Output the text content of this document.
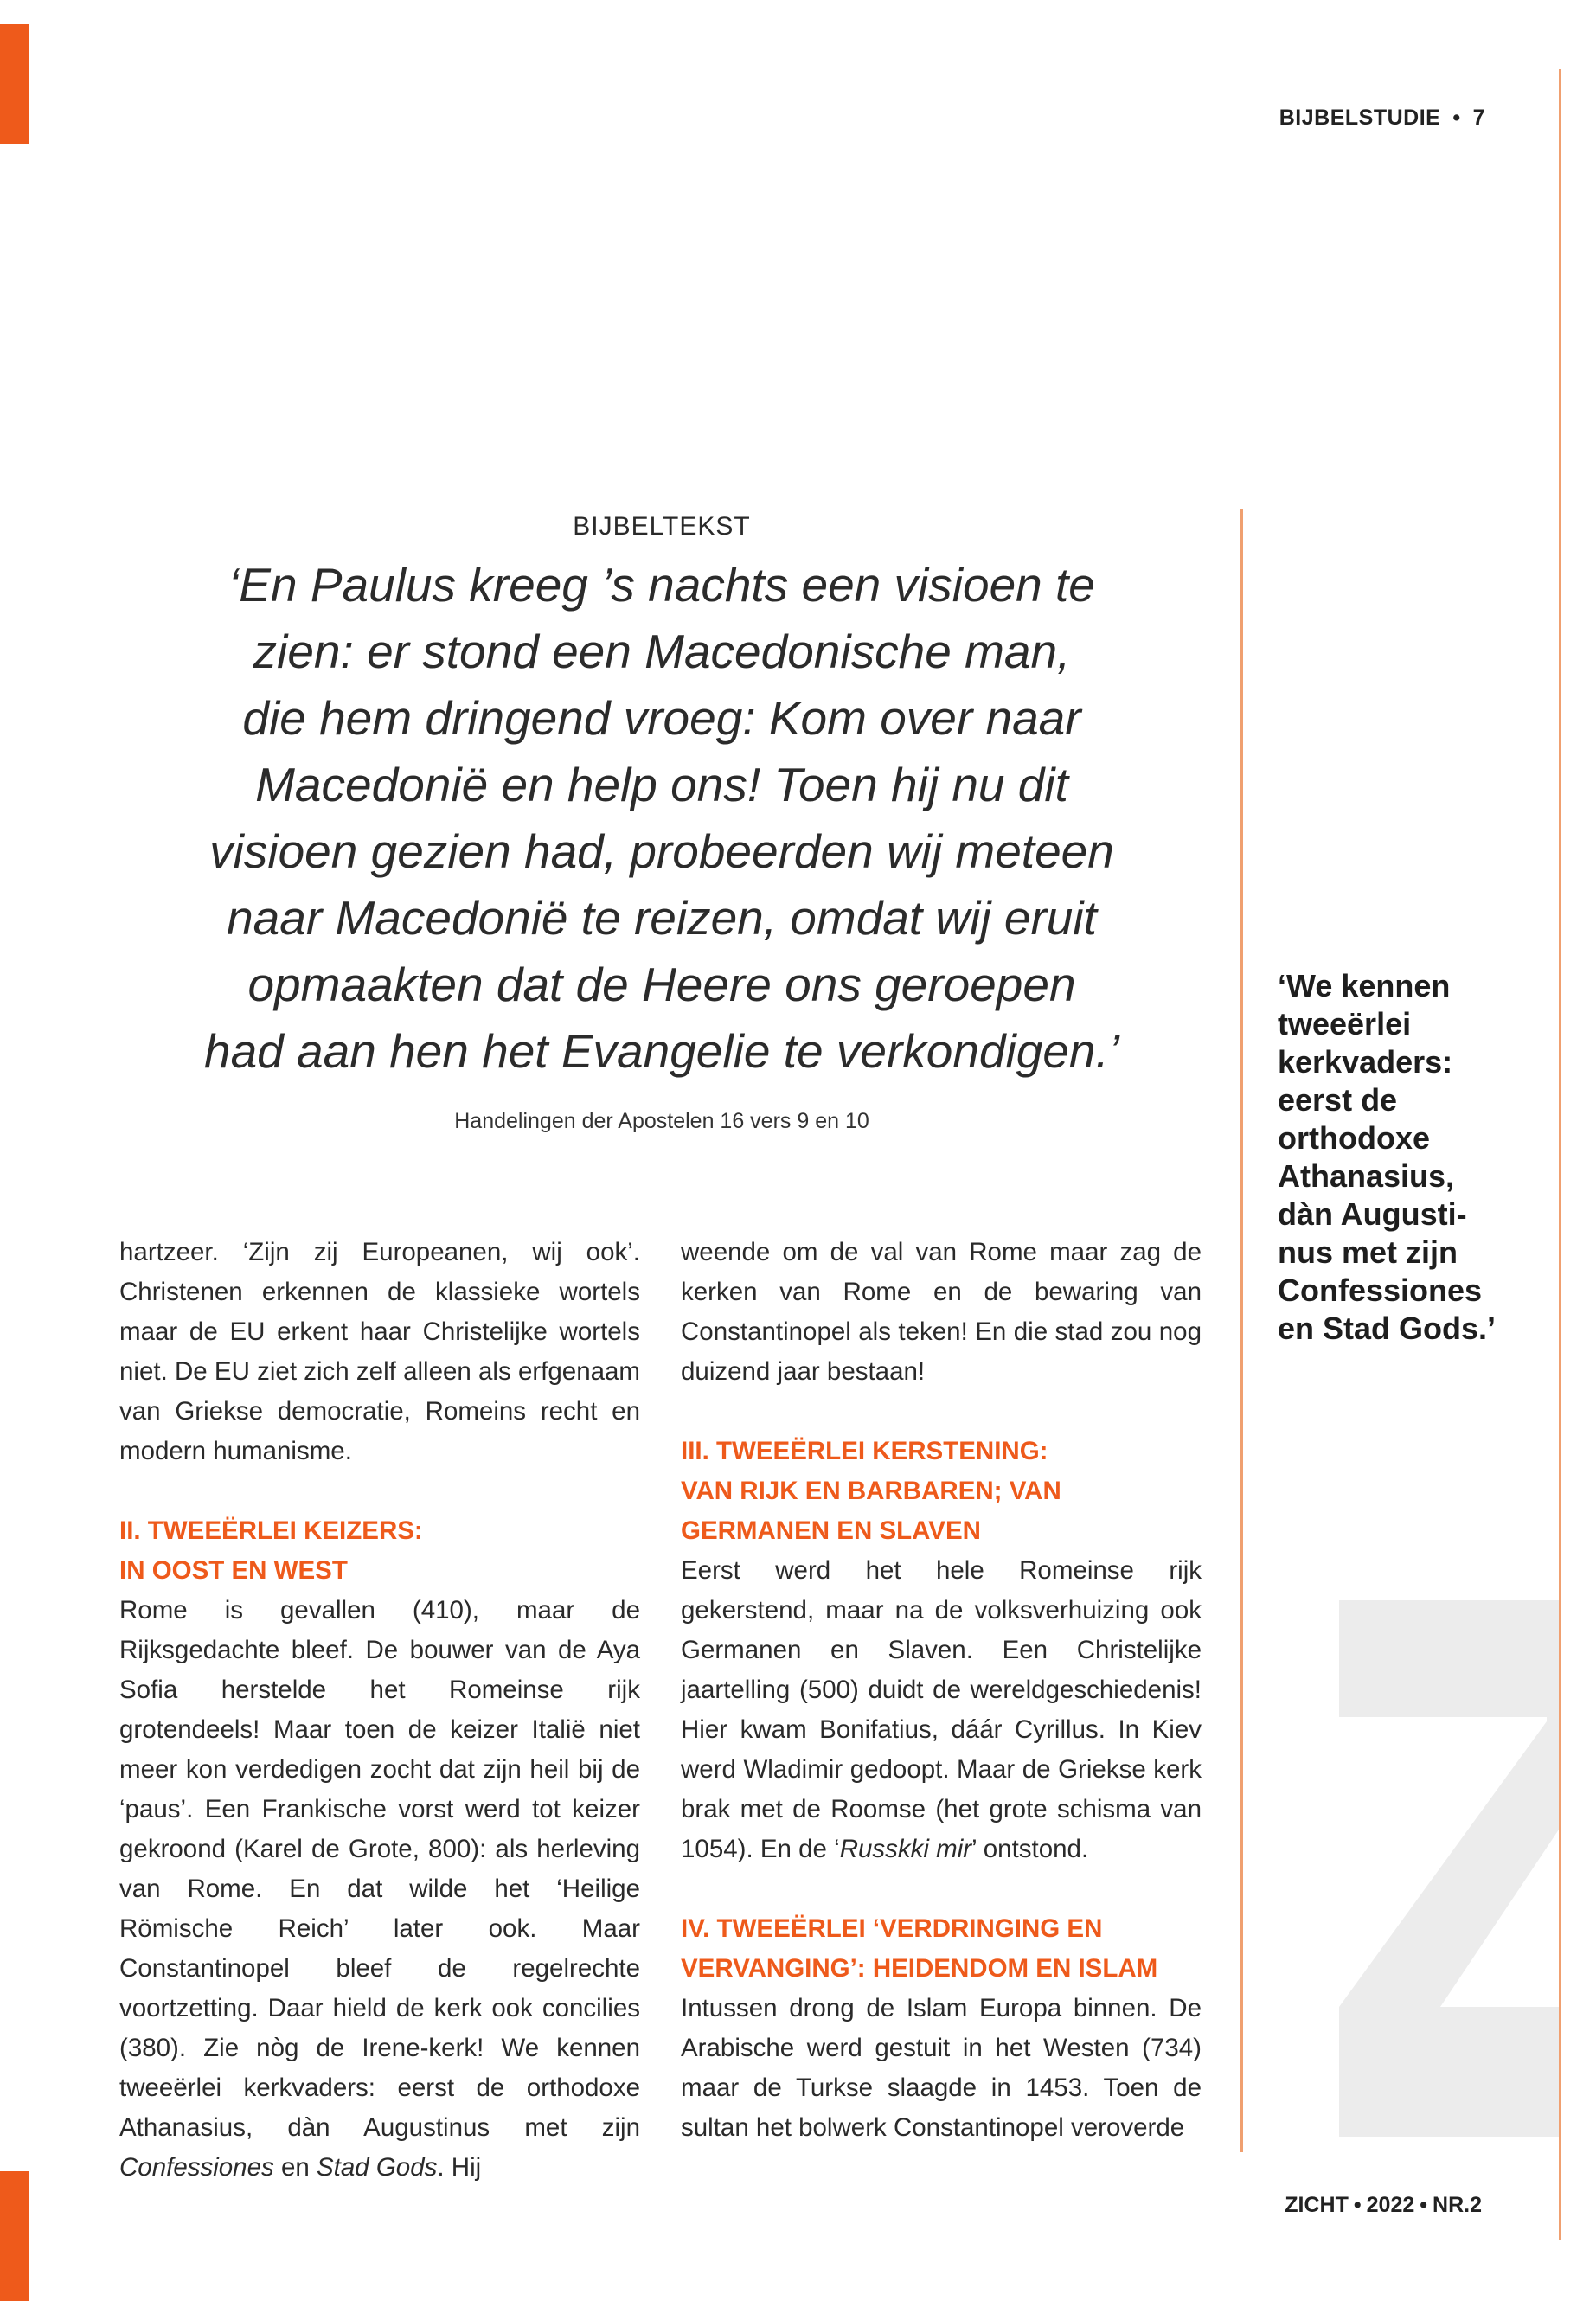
BIJBELSTUDIE • 7
BIJBELTEKST

‘En Paulus kreeg ’s nachts een visioen te
zien: er stond een Macedonische man,
die hem dringend vroeg: Kom over naar
Macedonië en help ons! Toen hij nu dit
visioen gezien had, probeerden wij meteen
naar Macedonië te reizen, omdat wij eruit
opmaakten dat de Heere ons geroepen
had aan hen het Evangelie te verkondigen.’

Handelingen der Apostelen 16 vers 9 en 10

‘We kennen
tweeërlei
kerkvaders:
eerst de
orthodoxe
Athanasius,
dàn Augusti-
nus met zijn
Confessiones
en Stad Gods.’

hartzeer. ‘Zijn zij Europeanen, wij ook’. Christenen erkennen de klassieke wortels maar de EU erkent haar Christelijke wortels niet. De EU ziet zich zelf alleen als erfgenaam van Griekse democratie, Romeins recht en modern humanisme.

II. TWEEËRLEI KEIZERS:
IN OOST EN WEST

Rome is gevallen (410), maar de Rijksgedachte bleef. De bouwer van de Aya Sofia herstelde het Romeinse rijk grotendeels! Maar toen de keizer Italië niet meer kon verdedigen zocht dat zijn heil bij de ‘paus’. Een Frankische vorst werd tot keizer gekroond (Karel de Grote, 800): als herleving van Rome. En dat wilde het ‘Heilige Römische Reich’ later ook. Maar Constantinopel bleef de regelrechte voortzetting. Daar hield de kerk ook concilies (380). Zie nòg de Irene-kerk! We kennen tweeërlei kerkvaders: eerst de orthodoxe Athanasius, dàn Augustinus met zijn Confessiones en Stad Gods. Hij

weende om de val van Rome maar zag de kerken van Rome en de bewaring van Constantinopel als teken! En die stad zou nog duizend jaar bestaan!

III. TWEEËRLEI KERSTENING:
VAN RIJK EN BARBAREN; VAN
GERMANEN EN SLAVEN

Eerst werd het hele Romeinse rijk gekerstend, maar na de volksverhuizing ook Germanen en Slaven. Een Christelijke jaartelling (500) duidt de wereldgeschiedenis! Hier kwam Bonifatius, dáár Cyrillus. In Kiev werd Wladimir gedoopt. Maar de Griekse kerk brak met de Roomse (het grote schisma van 1054). En de ‘Russkki mir’ ontstond.

IV. TWEEËRLEI ‘VERDRINGING EN
VERVANGING’: HEIDENDOM EN ISLAM

Intussen drong de Islam Europa binnen. De Arabische werd gestuit in het Westen (734) maar de Turkse slaagde in 1453. Toen de sultan het bolwerk Constantinopel veroverde

ZICHT • 2022 • NR.2
